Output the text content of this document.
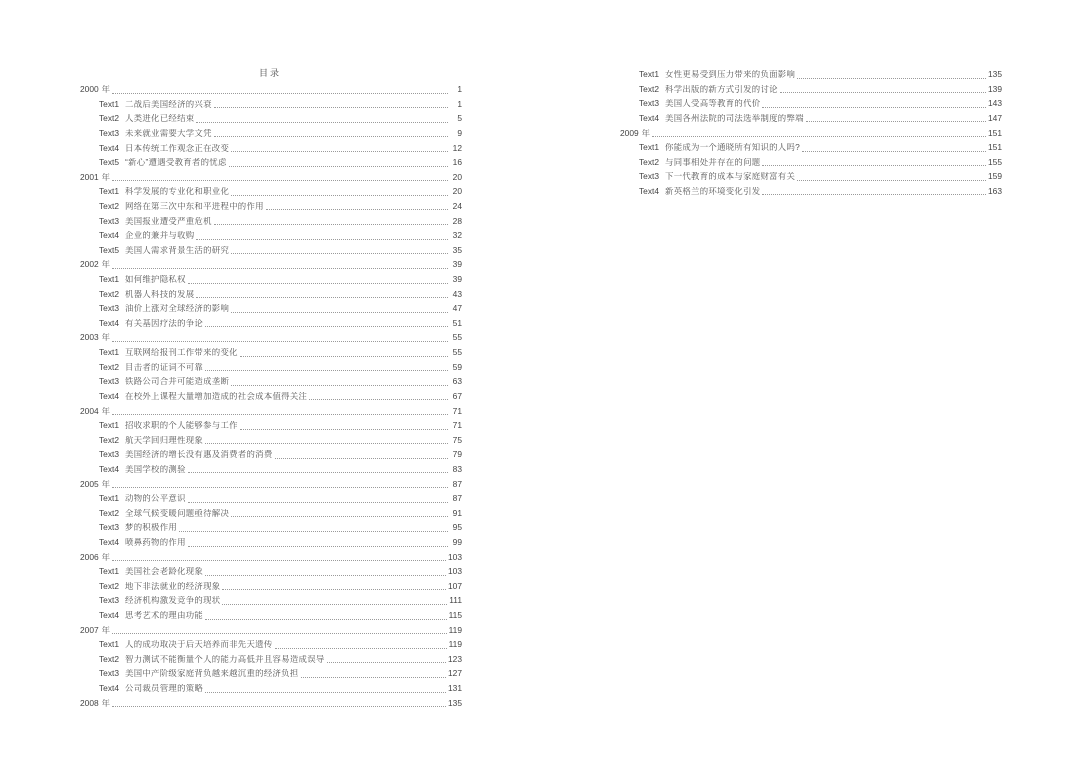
目录
2000 年	1
Text1 二战后美国经济的兴衰	1
Text2 人类进化已经结束	5
Text3 未来就业需要大学文凭	9
Text4 日本传统工作观念正在改变	12
Text5 “新心”遭遇受教育者的忧虑	16
2001 年	20
Text1 科学发展的专业化和职业化	20
Text2 网络在第三次中东和平进程中的作用	24
Text3 美国报业遭受严重危机	28
Text4 企业的兼并与收购	32
Text5 美国人需求背景生活的研究	35
2002 年	39
Text1 如何维护隐私权	39
Text2 机器人科技的发展	43
Text3 油价上涨对全球经济的影响	47
Text4 有关基因疗法的争论	51
2003 年	55
Text1 互联网给报刊工作带来的变化	55
Text2 目击者的证词不可靠	59
Text3 铁路公司合并可能造成垄断	63
Text4 在校外上课程大量增加造成的社会成本值得关注	67
2004 年	71
Text1 招收求职的个人能够参与工作	71
Text2 航天学回归理性现象	75
Text3 美国经济的增长没有惠及消费者的消费	79
Text4 美国学校的测验	83
2005 年	87
Text1 动物的公平意识	87
Text2 全球气候变暖问题亟待解决	91
Text3 梦的积极作用	95
Text4 喷鼻药物的作用	99
2006 年	103
Text1 美国社会老龄化现象	103
Text2 地下非法就业的经济现象	107
Text3 经济机构激发竞争的现状	111
Text4 思考艺术的理由功能	115
2007 年	119
Text1 人的成功取决于后天培养而非先天遗传	119
Text2 智力测试不能衡量个人的能力高低并且容易造成误导	123
Text3 美国中产阶级家庭背负越来越沉重的经济负担	127
Text4 公司裁员管理的策略	131
2008 年	135
Text1 女性更易受到压力带来的负面影响	135
Text2 科学出版的新方式引发的讨论	139
Text3 美国人受高等教育的代价	143
Text4 美国各州法院的司法选举制度的弊端	147
2009 年	151
Text1 你能成为一个通晓所有知识的人吗?	151
Text2 与同事相处并存在的问题	155
Text3 下一代教育的成本与家庭财富有关	159
Text4 新英格兰的环境变化引发	163
